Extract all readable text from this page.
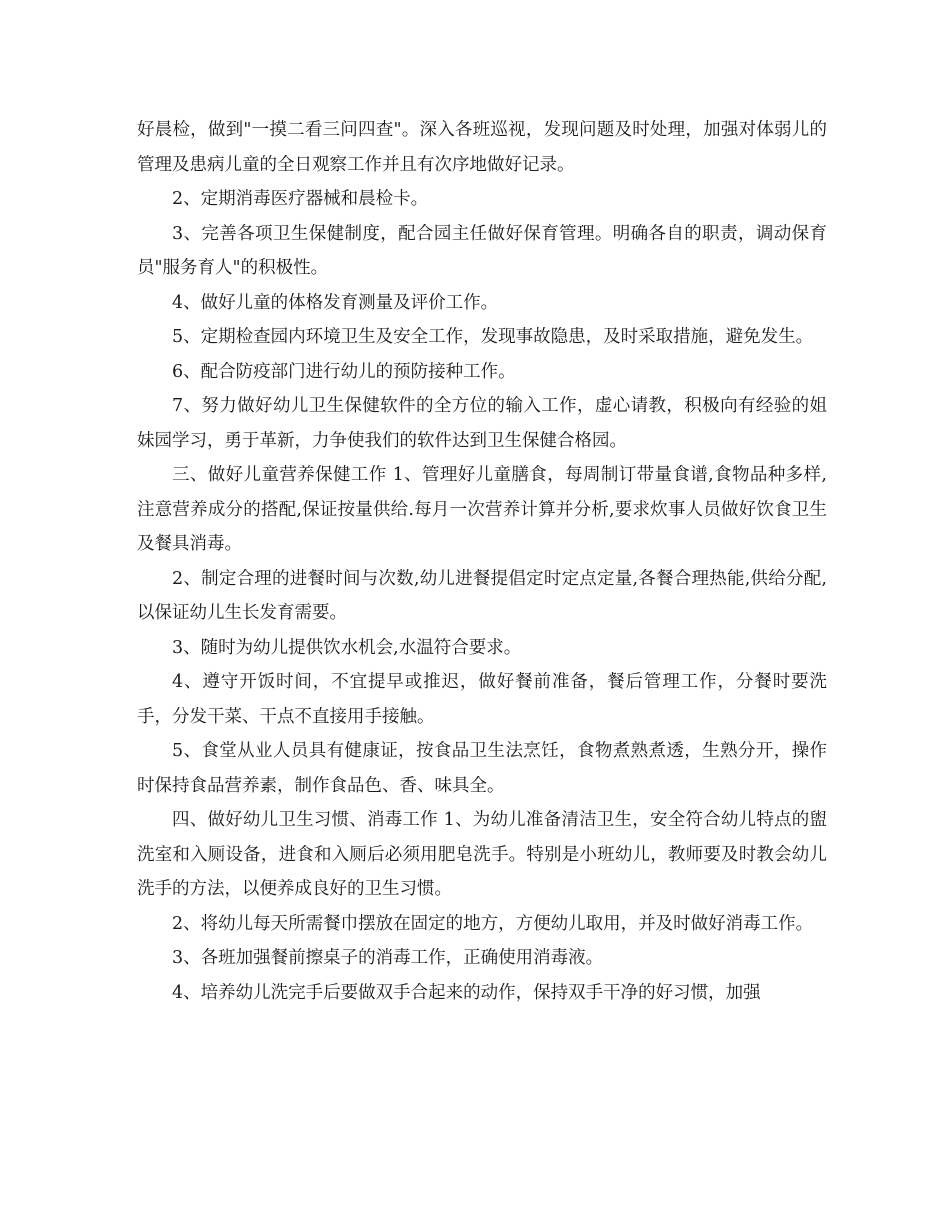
好晨检，做到"一摸二看三问四查"。深入各班巡视，发现问题及时处理，加强对体弱儿的管理及患病儿童的全日观察工作并且有次序地做好记录。

2、定期消毒医疗器械和晨检卡。

3、完善各项卫生保健制度，配合园主任做好保育管理。明确各自的职责，调动保育员"服务育人"的积极性。

4、做好儿童的体格发育测量及评价工作。

5、定期检查园内环境卫生及安全工作，发现事故隐患，及时采取措施，避免发生。

6、配合防疫部门进行幼儿的预防接种工作。

7、努力做好幼儿卫生保健软件的全方位的输入工作，虚心请教，积极向有经验的姐妹园学习，勇于革新，力争使我们的软件达到卫生保健合格园。

三、做好儿童营养保健工作 1、管理好儿童膳食，每周制订带量食谱,食物品种多样,注意营养成分的搭配,保证按量供给.每月一次营养计算并分析,要求炊事人员做好饮食卫生及餐具消毒。

2、制定合理的进餐时间与次数,幼儿进餐提倡定时定点定量,各餐合理热能,供给分配,以保证幼儿生长发育需要。

3、随时为幼儿提供饮水机会,水温符合要求。

4、遵守开饭时间，不宜提早或推迟，做好餐前准备，餐后管理工作，分餐时要洗手，分发干菜、干点不直接用手接触。

5、食堂从业人员具有健康证，按食品卫生法烹饪，食物煮熟煮透，生熟分开，操作时保持食品营养素，制作食品色、香、味具全。

四、做好幼儿卫生习惯、消毒工作 1、为幼儿准备清洁卫生，安全符合幼儿特点的盥洗室和入厕设备，进食和入厕后必须用肥皂洗手。特别是小班幼儿，教师要及时教会幼儿洗手的方法，以便养成良好的卫生习惯。

2、将幼儿每天所需餐巾摆放在固定的地方，方便幼儿取用，并及时做好消毒工作。

3、各班加强餐前擦桌子的消毒工作，正确使用消毒液。

4、培养幼儿洗完手后要做双手合起来的动作，保持双手干净的好习惯，加强
